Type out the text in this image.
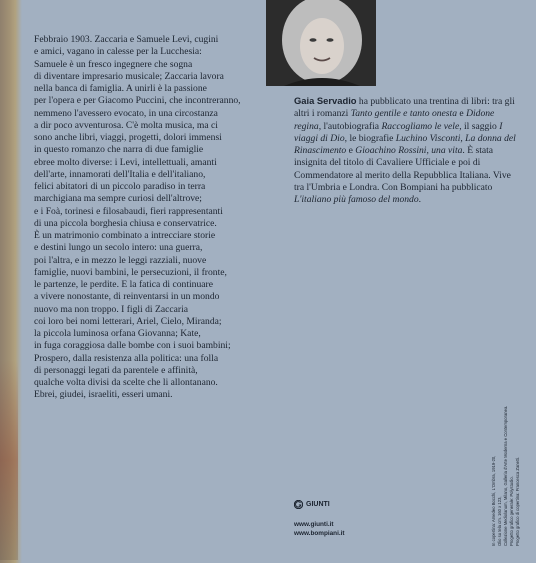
Febbraio 1903. Zaccaria e Samuele Levi, cugini
e amici, vagano in calesse per la Lucchesia:
Samuele è un fresco ingegnere che sogna
di diventare impresario musicale; Zaccaria lavora
nella banca di famiglia. A unirli è la passione
per l'opera e per Giacomo Puccini, che incontreranno,
nemmeno l'avessero evocato, in una circostanza
a dir poco avventurosa. C'è molta musica, ma ci
sono anche libri, viaggi, progetti, dolori immensi
in questo romanzo che narra di due famiglie
ebree molto diverse: i Levi, intellettuali, amanti
dell'arte, innamorati dell'Italia e dell'italiano,
felici abitatori di un piccolo paradiso in terra
marchigiana ma sempre curiosi dell'altrove;
e i Foà, torinesi e filosabaudi, fieri rappresentanti
di una piccola borghesia chiusa e conservatrice.
È un matrimonio combinato a intrecciare storie
e destini lungo un secolo intero: una guerra,
poi l'altra, e in mezzo le leggi razziali, nuove
famiglie, nuovi bambini, le persecuzioni, il fronte,
le partenze, le perdite. E la fatica di continuare
a vivere nonostante, di reinventarsi in un mondo
nuovo ma non troppo. I figli di Zaccaria
coi loro bei nomi letterari, Ariel, Cielo, Miranda;
la piccola luminosa orfana Giovanna; Kate,
in fuga coraggiosa dalle bombe con i suoi bambini;
Prospero, dalla resistenza alla politica: una folla
di personaggi legati da parentele e affinità,
qualche volta divisi da scelte che li allontanano.
Ebrei, giudei, israeliti, esseri umani.

Gaia Servadio ha pubblicato una trentina di libri: tra gli altri i romanzi Tanto gentile e tanto onesta e Didone regina, l'autobiografia Raccogliamo le vele, il saggio I viaggi di Dio, le biografie Luchino Visconti, La donna del Rinascimento e Gioachino Rossini, una vita. È stata insignita del titolo di Cavaliere Ufficiale e poi di Commendatore al merito della Repubblica Italiana. Vive tra l'Umbria e Londra. Con Bompiani ha pubblicato L'italiano più famoso del mondo.

GIUNTI
www.giunti.it
www.bompiani.it	In copertina: Amedeo Bocchi, L'Ombra, 1919-20, Olio su tela cm. 160 x 123, Collezione Mediolanum, Milano, Galleria d'Arte Moderna e Contemporanea. Progetto grafico generale: Polystudio. Progetto grafico di copertina: Francesca Zanetti.
